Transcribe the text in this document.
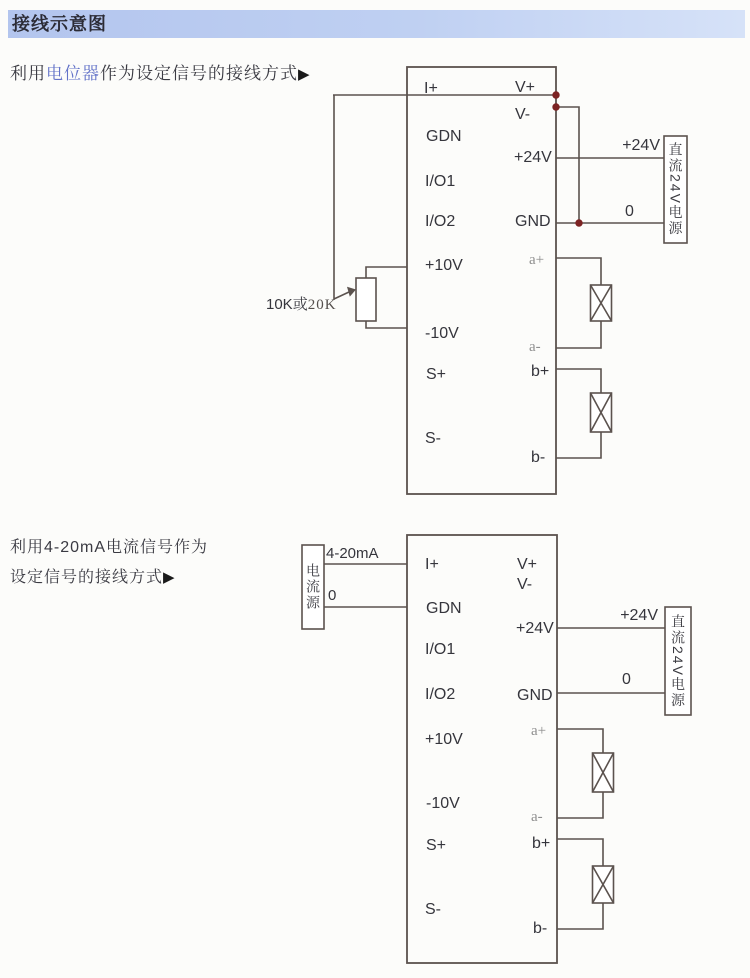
接线示意图
利用电位器作为设定信号的接线方式▶
I+
GDN
I/O1
I/O2
+10V
-10V
S+
S-
V+
V-
+24V
GND
a+
a-
b+
b-
10K或20K
+24V
0 直流24V电源
利用4-20mA电流信号作为
设定信号的接线方式▶
I+
GDN
I/O1
I/O2
+10V
-10V
S+
S-
V+
V-
+24V
GND
a+
a-
b+
b-
4-20mA
0
电流源
+24V
0	直流24V电源
